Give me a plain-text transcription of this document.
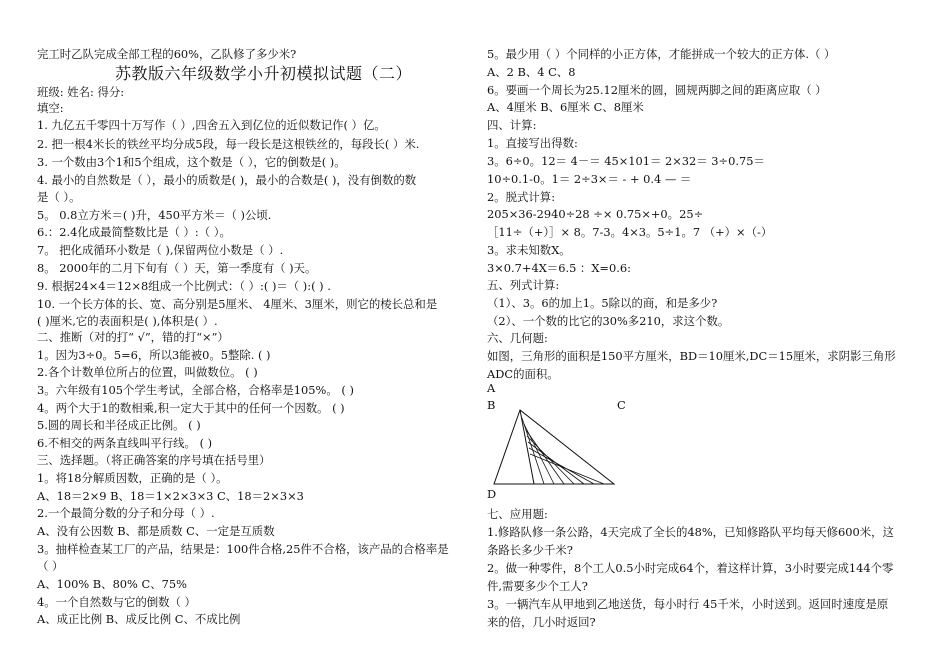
完工时乙队完成全部工程的60%，乙队修了多少米?
苏教版六年级数学小升初模拟试题（二）
班级: 姓名: 得分:
填空:
1. 九亿五千零四十万写作（ ）,四舍五入到亿位的近似数记作( ）亿。
2. 把一根4米长的铁丝平均分成5段，每一段长是这根铁丝的，每段长( ）米.
3. 一个数由3个1和5个组成，这个数是（ ），它的倒数是( )。
4. 最小的自然数是（ ），最小的质数是( )，最小的合数是( )，没有倒数的数
是（ ）。
5。 0.8立方米＝( )升，450平方米＝（ )公顷.
6.：2.4化成最简整数比是（ ）:（ ）。
7。 把化成循环小数是（ ),保留两位小数是（ ）.
8。 2000年的二月下旬有（ ）天，第一季度有（ )天。
9. 根据24×4＝12×8组成一个比例式：（ ）:( )＝（ ):( ) .
10. 一个长方体的长、宽、高分别是5厘米、 4厘米、3厘米，则它的棱长总和是
( )厘米,它的表面积是( ),体积是( ）.
二、推断（对的打“ √”，错的打“×”）
1。因为3÷0。5=6，所以3能被0。5整除. ( )
2.各个计数单位所占的位置，叫做数位。 ( )
3。六年级有105个学生考试，全部合格，合格率是105%。 ( )
4。两个大于1的数相乘,积一定大于其中的任何一个因数。 ( )
5.圆的周长和半径成正比例。 ( )
6.不相交的两条直线叫平行线。 ( )
三、选择题。（将正确答案的序号填在括号里）
1。将18分解质因数，正确的是（ ）。
A、18＝2×9 B、18＝1×2×3×3 C、18＝2×3×3
2.一个最简分数的分子和分母（ ）.
A、没有公因数 B、都是质数 C、一定是互质数
3。抽样检查某工厂的产品，结果是：100件合格,25件不合格，该产品的合格率是
（ ）
A、100% B、80% C、75%
4。一个自然数与它的倒数（ ）
A、成正比例 B、成反比例 C、不成比例
5。最少用（ ）个同样的小正方体，才能拼成一个较大的正方体.（ ）
A、2 B、4 C、8
6。要画一个周长为25.12厘米的圆，圆规两脚之间的距离应取（ ）
A、4厘米 B、6厘米 C、8厘米
四、计算:
1。直接写出得数:
3。6÷0。12＝ 4－＝ 45×101＝ 2×32＝ 3÷0.75＝
10÷0.1-0。1＝ 2÷3×＝ - + 0.4 — ＝
2。脱式计算:
205×36-2940÷28 ÷× 0.75×+0。25÷
［11÷（+）］× 8。7-3。4×3。5÷1。7 （+）×（-）
3。求未知数X。
3×0.7+4X＝6.5 ：X=0.6:
五、列式计算:
（1）、3。6的加上1。5除以的商，和是多少?
（2）、一个数的比它的30%多210，求这个数。
六、几何题:
如图，三角形的面积是150平方厘米，BD＝10厘米,DC＝15厘米，求阴影三角形
ADC的面积。
七、应用题:
1.修路队修一条公路，4天完成了全长的48%，已知修路队平均每天修600米，这
条路长多少千米?
2。做一种零件，8个工人0.5小时完成64个，着这样计算，3小时要完成144个零
件,需要多少个工人?
3。一辆汽车从甲地到乙地送货，每小时行 45千米，小时送到。返回时速度是原
来的倍，几小时返回?
A
B	C
D
